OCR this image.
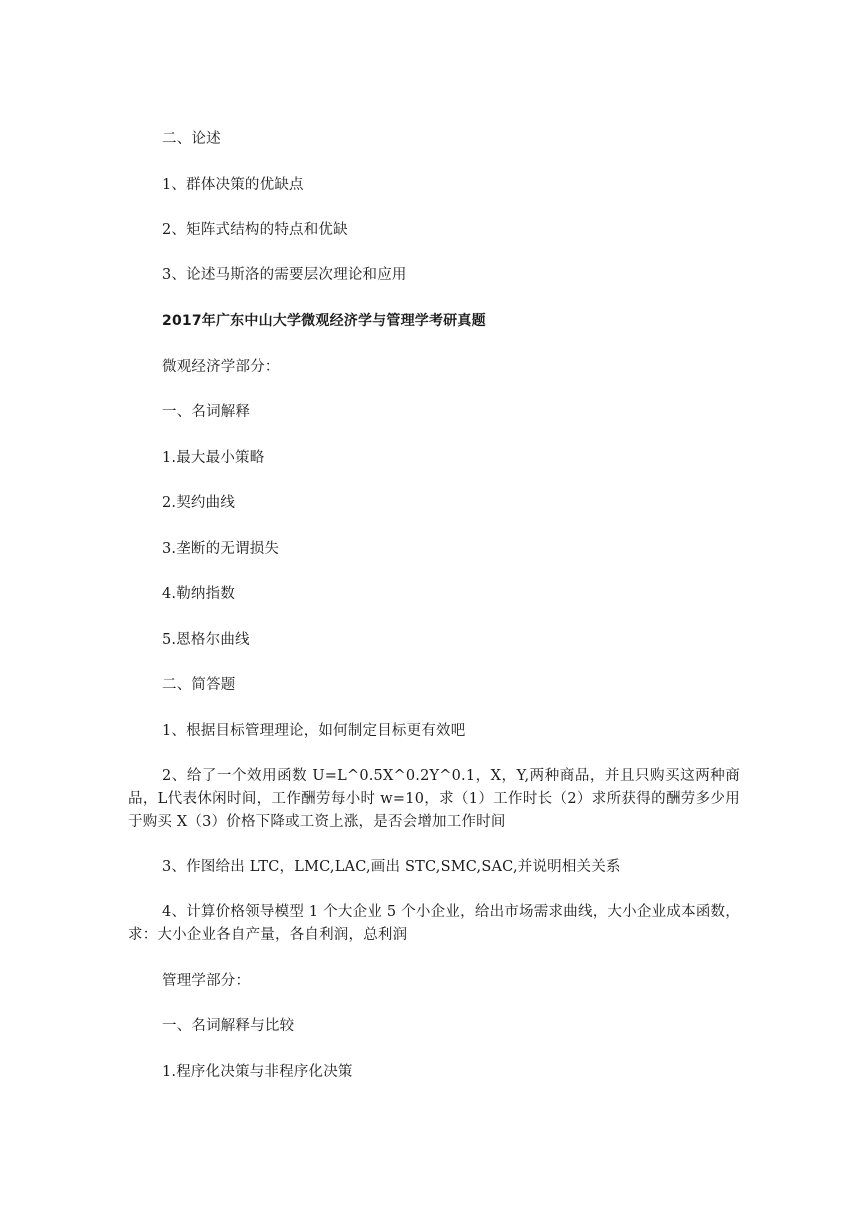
二、论述
1、群体决策的优缺点
2、矩阵式结构的特点和优缺
3、论述马斯洛的需要层次理论和应用
2017年广东中山大学微观经济学与管理学考研真题
微观经济学部分：
一、名词解释
1.最大最小策略
2.契约曲线
3.垄断的无谓损失
4.勒纳指数
5.恩格尔曲线
二、简答题
1、根据目标管理理论，如何制定目标更有效吧
2、给了一个效用函数 U=L^0.5X^0.2Y^0.1，X，Y,两种商品，并且只购买这两种商品，L代表休闲时间，工作酬劳每小时 w=10，求（1）工作时长（2）求所获得的酬劳多少用于购买 X（3）价格下降或工资上涨，是否会增加工作时间
3、作图给出 LTC，LMC,LAC,画出 STC,SMC,SAC,并说明相关关系
4、计算价格领导模型 1 个大企业 5 个小企业，给出市场需求曲线，大小企业成本函数，求：大小企业各自产量，各自利润，总利润
管理学部分：
一、名词解释与比较
1.程序化决策与非程序化决策
